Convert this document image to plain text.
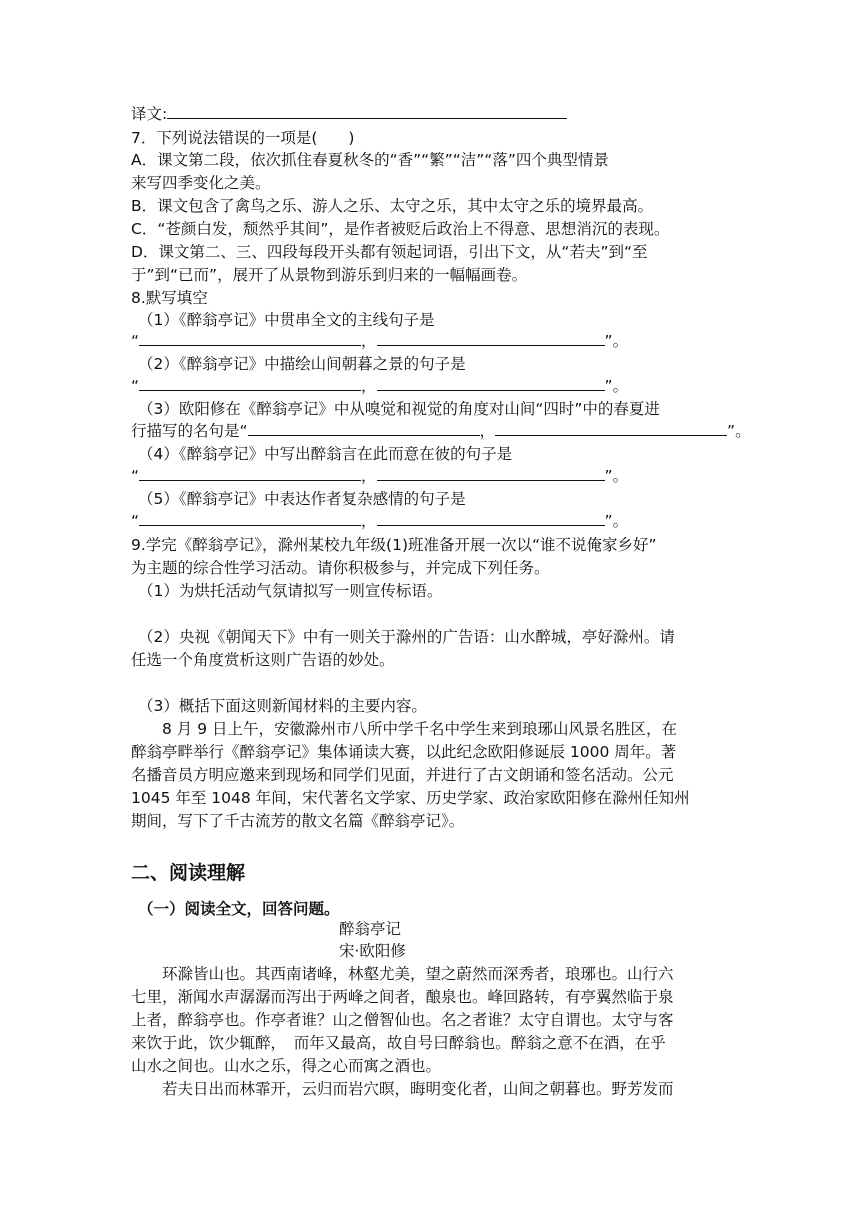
译文:
7．下列说法错误的一项是(　　)
A．课文第二段，依次抓住春夏秋冬的“香”“繁”“洁”“落”四个典型情景
来写四季变化之美。
B．课文包含了禽鸟之乐、游人之乐、太守之乐，其中太守之乐的境界最高。
C．“苍颜白发，颓然乎其间”，是作者被贬后政治上不得意、思想消沉的表现。
D．课文第二、三、四段每段开头都有领起词语，引出下文，从“若夫”到“至
于”到“已而”，展开了从景物到游乐到归来的一幅幅画卷。
8.默写填空
（1）《醉翁亭记》中贯串全文的主线句子是
“	，	”。
（2）《醉翁亭记》中描绘山间朝暮之景的句子是
“	，	”。
（3）欧阳修在《醉翁亭记》中从嗅觉和视觉的角度对山间“四时”中的春夏进
行描写的名句是“	，	”。
（4）《醉翁亭记》中写出醉翁言在此而意在彼的句子是
“	，	”。
（5）《醉翁亭记》中表达作者复杂感情的句子是
“	，	”。
9.学完《醉翁亭记》，滁州某校九年级(1)班准备开展一次以“谁不说俺家乡好”
为主题的综合性学习活动。请你积极参与，并完成下列任务。
（1）为烘托活动气氛请拟写一则宣传标语。
（2）央视《朝闻天下》中有一则关于滁州的广告语：山水醉城，亭好滁州。请
任选一个角度赏析这则广告语的妙处。
（3）概括下面这则新闻材料的主要内容。
　　8 月 9 日上午，安徽滁州市八所中学千名中学生来到琅琊山风景名胜区，在
醉翁亭畔举行《醉翁亭记》集体诵读大赛，以此纪念欧阳修诞辰 1000 周年。著
名播音员方明应邀来到现场和同学们见面，并进行了古文朗诵和签名活动。公元
1045 年至 1048 年间，宋代著名文学家、历史学家、政治家欧阳修在滁州任知州
期间，写下了千古流芳的散文名篇《醉翁亭记》。
二、阅读理解
（一）阅读全文，回答问题。
醉翁亭记
宋·欧阳修
　　环滁皆山也。其西南诸峰，林壑尤美，望之蔚然而深秀者，琅琊也。山行六
七里，渐闻水声潺潺而泻出于两峰之间者，酿泉也。峰回路转，有亭翼然临于泉
上者，醉翁亭也。作亭者谁？山之僧智仙也。名之者谁？太守自谓也。太守与客
来饮于此，饮少辄醉，　而年又最高，故自号曰醉翁也。醉翁之意不在酒，在乎
山水之间也。山水之乐，得之心而寓之酒也。
　　若夫日出而林霏开，云归而岩穴暝，晦明变化者，山间之朝暮也。野芳发而
